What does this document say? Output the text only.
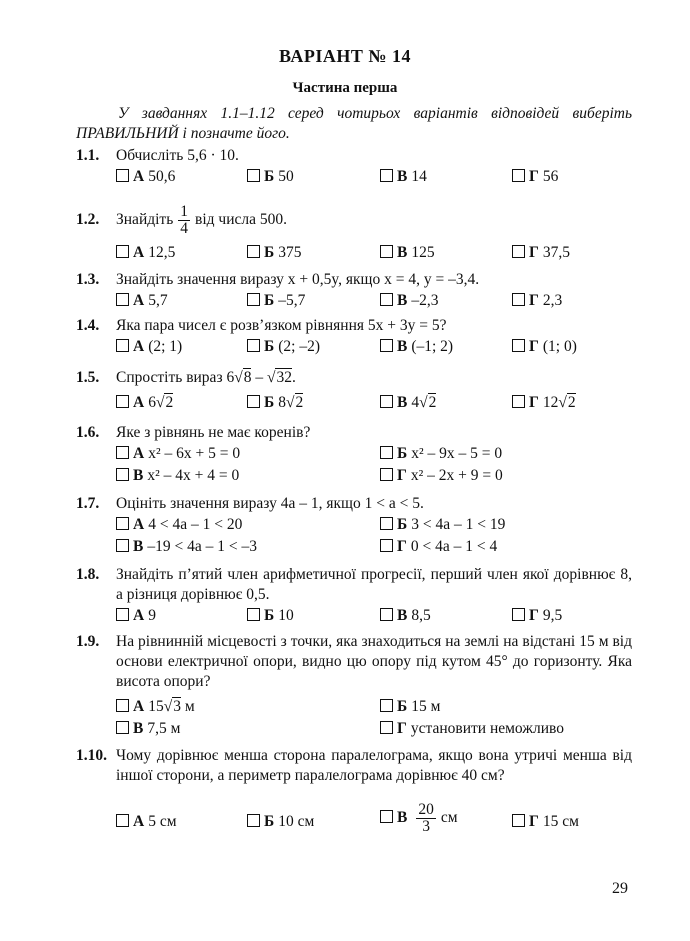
ВАРІАНТ № 14
Частина перша
У завданнях 1.1–1.12 серед чотирьох варіантів відповідей виберіть ПРАВИЛЬНИЙ і позначте його.
1.1.	Обчисліть 5,6 · 10.
А 50,6	Б 50	В 14	Г 56
1.2.	Знайдіть $\frac{1}{4}$ від числа 500.
А 12,5	Б 375	В 125	Г 37,5
1.3.	Знайдіть значення виразу x + 0,5y, якщо x = 4, y = –3,4.
А 5,7	Б –5,7	В –2,3	Г 2,3
1.4.	Яка пара чисел є розв’язком рівняння 5x + 3y = 5?
А (2; 1)	Б (2; –2)	В (–1; 2)	Г (1; 0)
1.5.	Спростіть вираз 6√8 – √32.
А 6√2	Б 8√2	В 4√2	Г 12√2
1.6.	Яке з рівнянь не має коренів?
А x² – 6x + 5 = 0	Б x² – 9x – 5 = 0
В x² – 4x + 4 = 0	Г x² – 2x + 9 = 0
1.7.	Оцініть значення виразу 4a – 1, якщо 1 < a < 5.
А 4 < 4a – 1 < 20	Б 3 < 4a – 1 < 19
В –19 < 4a – 1 < –3	Г 0 < 4a – 1 < 4
1.8.	Знайдіть п’ятий член арифметичної прогресії, перший член якої дорівнює 8, а різниця дорівнює 0,5.
А 9	Б 10	В 8,5	Г 9,5
1.9.	На рівнинній місцевості з точки, яка знаходиться на землі на відстані 15 м від основи електричної опори, видно цю опору під кутом 45° до горизонту. Яка висота опори?
А 15√3 м	Б 15 м
В 7,5 м	Г установити неможливо
1.10. Чому дорівнює менша сторона паралелограма, якщо вона утричі менша від іншої сторони, а периметр паралелограма дорівнює 40 см?
А 5 см	Б 10 см	В $\frac{20}{3}$ см	Г 15 см
29
